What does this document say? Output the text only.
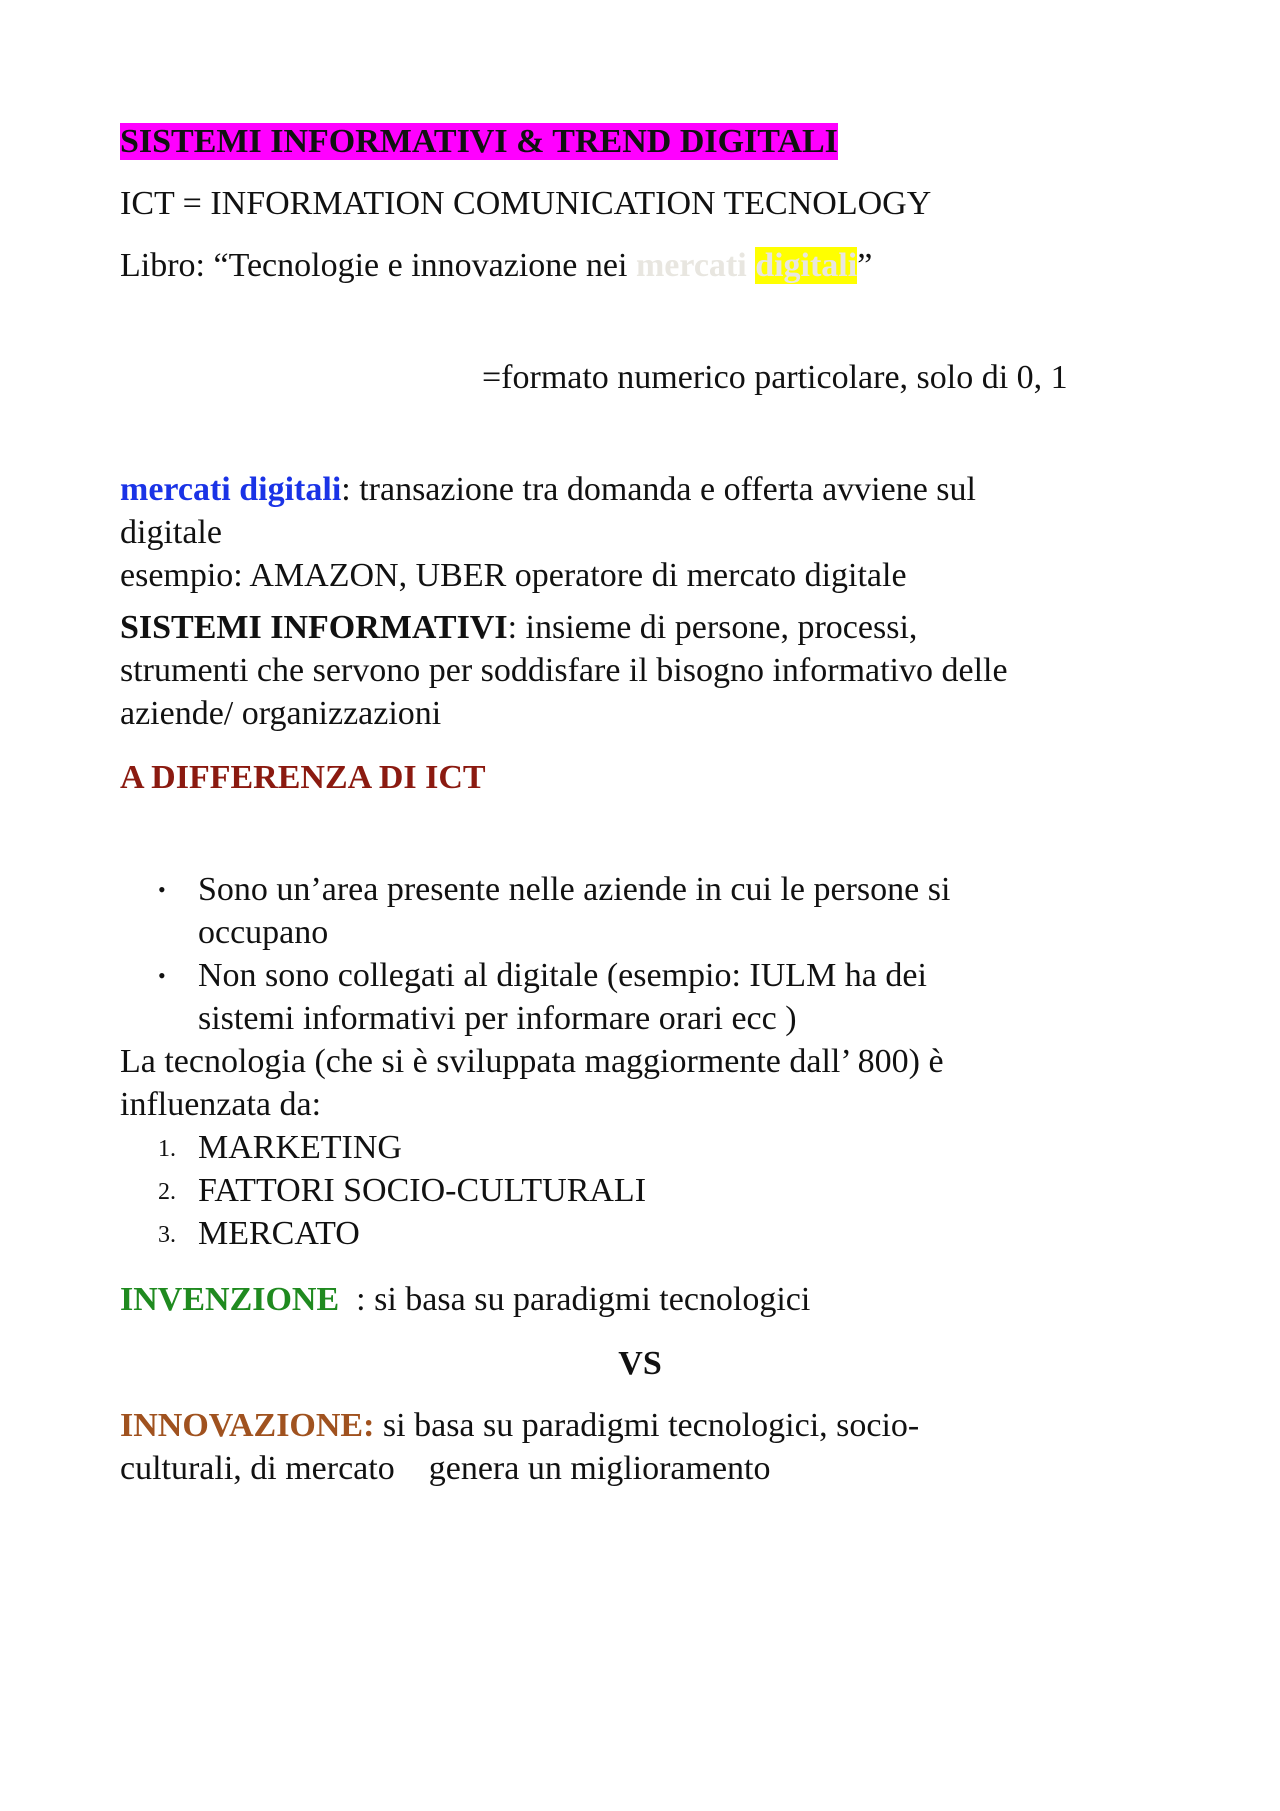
SISTEMI INFORMATIVI & TREND DIGITALI

ICT = INFORMATION COMUNICATION TECNOLOGY

Libro: “Tecnologie e innovazione nei mercati digitali”

=formato numerico particolare, solo di 0, 1

mercati digitali: transazione tra domanda e offerta avviene sul

digitale

esempio: AMAZON, UBER operatore di mercato digitale

SISTEMI INFORMATIVI: insieme di persone, processi,

strumenti che servono per soddisfare il bisogno informativo delle

aziende/ organizzazioni

A DIFFERENZA DI ICT

• Sono un’area presente nelle aziende in cui le persone si
occupano
• Non sono collegati al digitale (esempio: IULM ha dei
sistemi informativi per informare orari ecc )

La tecnologia (che si è sviluppata maggiormente dall’ 800) è

influenzata da:

1. MARKETING
2. FATTORI SOCIO-CULTURALI
3. MERCATO

INVENZIONE  : si basa su paradigmi tecnologici

VS

INNOVAZIONE: si basa su paradigmi tecnologici, socio-

culturali, di mercato    genera un miglioramento
